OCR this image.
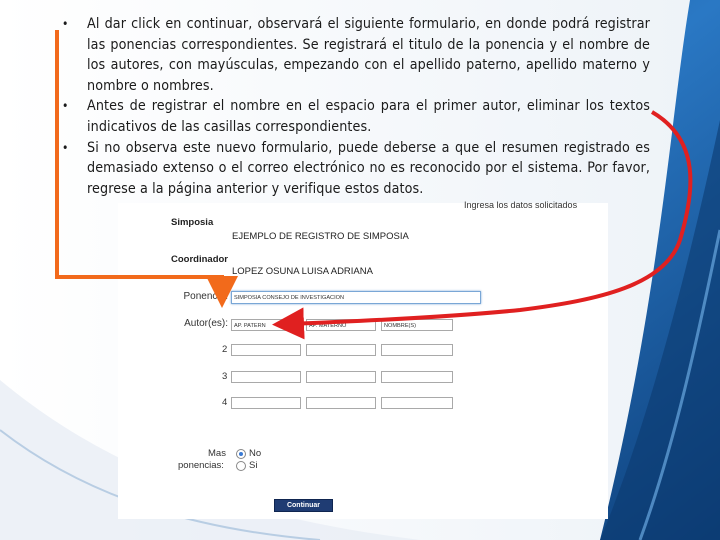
• Al dar click en continuar, observará el siguiente formulario, en donde podrá registrar las ponencias correspondientes. Se registrará el titulo de la ponencia y el nombre de los autores, con mayúsculas, empezando con el apellido paterno, apellido materno y nombre o nombres.
• Antes de registrar el nombre en el espacio para el primer autor, eliminar los textos indicativos de las casillas correspondientes.
• Si no observa este nuevo formulario, puede deberse a que el resumen registrado es demasiado extenso o el correo electrónico no es reconocido por el sistema. Por favor, regrese a la página anterior y verifique estos datos.
Ingresa los datos solicitados
Simposia
EJEMPLO DE REGISTRO DE SIMPOSIA
Coordinador
LOPEZ OSUNA LUISA ADRIANA
Ponencia:	SIMPOSIA CONSEJO DE INVESTIGACION
Autor(es):	AP. PATERN	AP. MATERNO	NOMBRE(S)
2
3
4
Mas
ponencias:
No
Si
Continuar
